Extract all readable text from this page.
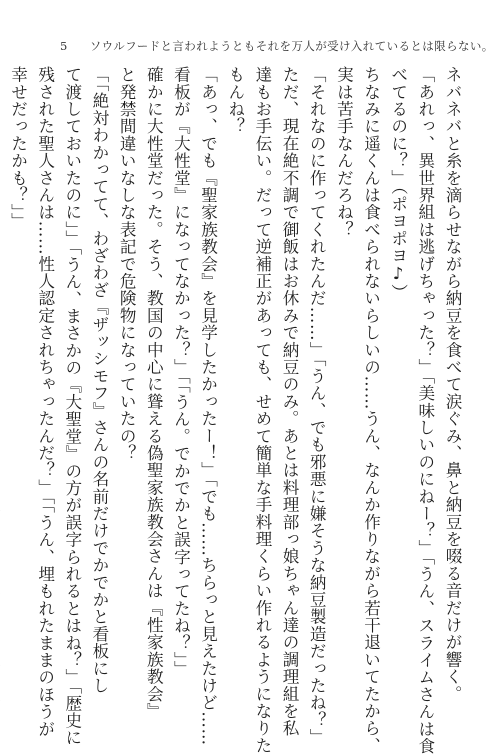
5 ソウルフードと言われようともそれを万人が受け入れているとは限らない。
ネバネバと糸を滴らせながら納豆を食べて涙ぐみ、鼻と納豆を啜る音だけが響く。
「あれっ、異世界組は逃げちゃった？」「美味しいのにねー？」「うん、スライムさんは食
べてるのに？」（ポヨポヨ♪）
ちなみに遥くんは食べられないらしいの……うん、なんか作りながら若干退いてたから、
実は苦手なんだろね？
「それなのに作ってくれたんだ……」「うん、でも邪悪に嫌そうな納豆製造だったね？」
ただ、現在絶不調で御飯はお休みで納豆のみ。あとは料理部っ娘ちゃん達の調理組を私
達もお手伝い。だって逆補正があっても、せめて簡単な手料理くらい作れるようになりた
もんね？
「あっ、でも『聖家族教会』を見学したかったー！」「でも……ちらっと見えたけど……
看板が『大性堂』になってなかった？」「「うん。でかでかと誤字ってたね？」」
確かに大性堂だった。そう、教国の中心に聳える偽聖家族教会さんは『性家族教会』
と発禁間違いなしな表記で危険物になっていたの？
「「絶対わかってて、わざわざ『ザッシモフ』さんの名前だけでかでかと看板にし
て渡しておいたのに」」「うん、まさかの『大聖堂』の方が誤字られるとはね？」「歴史に
残された聖人さんは……性人認定されちゃったんだ？」「「うん、埋もれたままのほうが
幸せだったかも？」」
